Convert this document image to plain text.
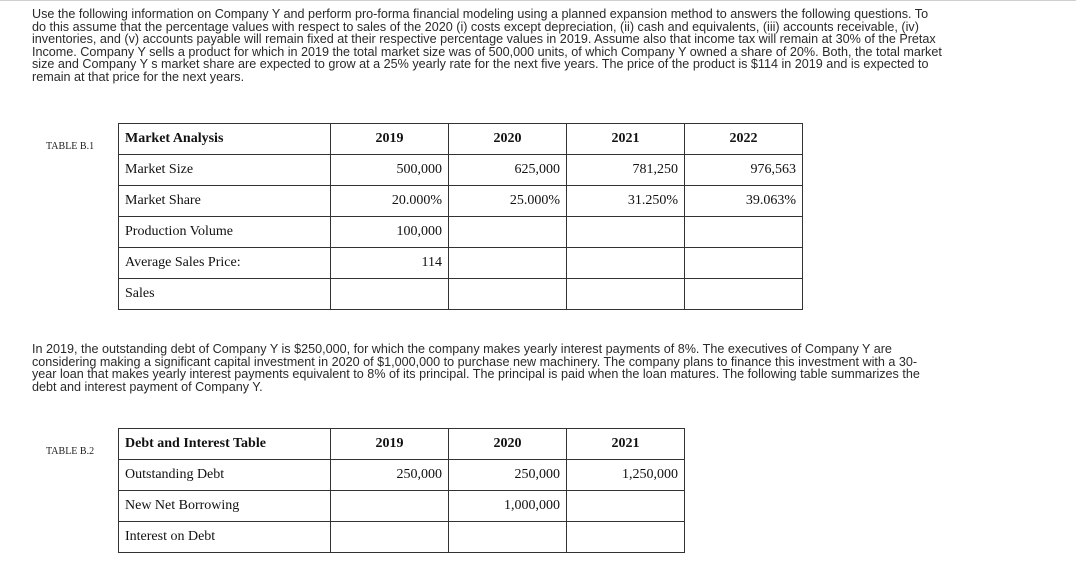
Use the following information on Company Y and perform pro-forma financial modeling using a planned expansion method to answers the following questions. To
do this assume that the percentage values with respect to sales of the 2020 (i) costs except depreciation, (ii) cash and equivalents, (iii) accounts receivable, (iv)
inventories, and (v) accounts payable will remain fixed at their respective percentage values in 2019. Assume also that income tax will remain at 30% of the Pretax
Income. Company Y sells a product for which in 2019 the total market size was of 500,000 units, of which Company Y owned a share of 20%. Both, the total market
size and Company Y s market share are expected to grow at a 25% yearly rate for the next five years. The price of the product is $114 in 2019 and is expected to
remain at that price for the next years.
TABLE B.1
Market Analysis	2019	2020	2021	2022
Market Size	500,000	625,000	781,250	976,563
Market Share	20.000%	25.000%	31.250%	39.063%
Production Volume	100,000			
Average Sales Price:	114			
Sales				
In 2019, the outstanding debt of Company Y is $250,000, for which the company makes yearly interest payments of 8%. The executives of Company Y are
considering making a significant capital investment in 2020 of $1,000,000 to purchase new machinery. The company plans to finance this investment with a 30-
year loan that makes yearly interest payments equivalent to 8% of its principal. The principal is paid when the loan matures. The following table summarizes the
debt and interest payment of Company Y.
TABLE B.2
Debt and Interest Table	2019	2020	2021
Outstanding Debt	250,000	250,000	1,250,000
New Net Borrowing		1,000,000	
Interest on Debt			
